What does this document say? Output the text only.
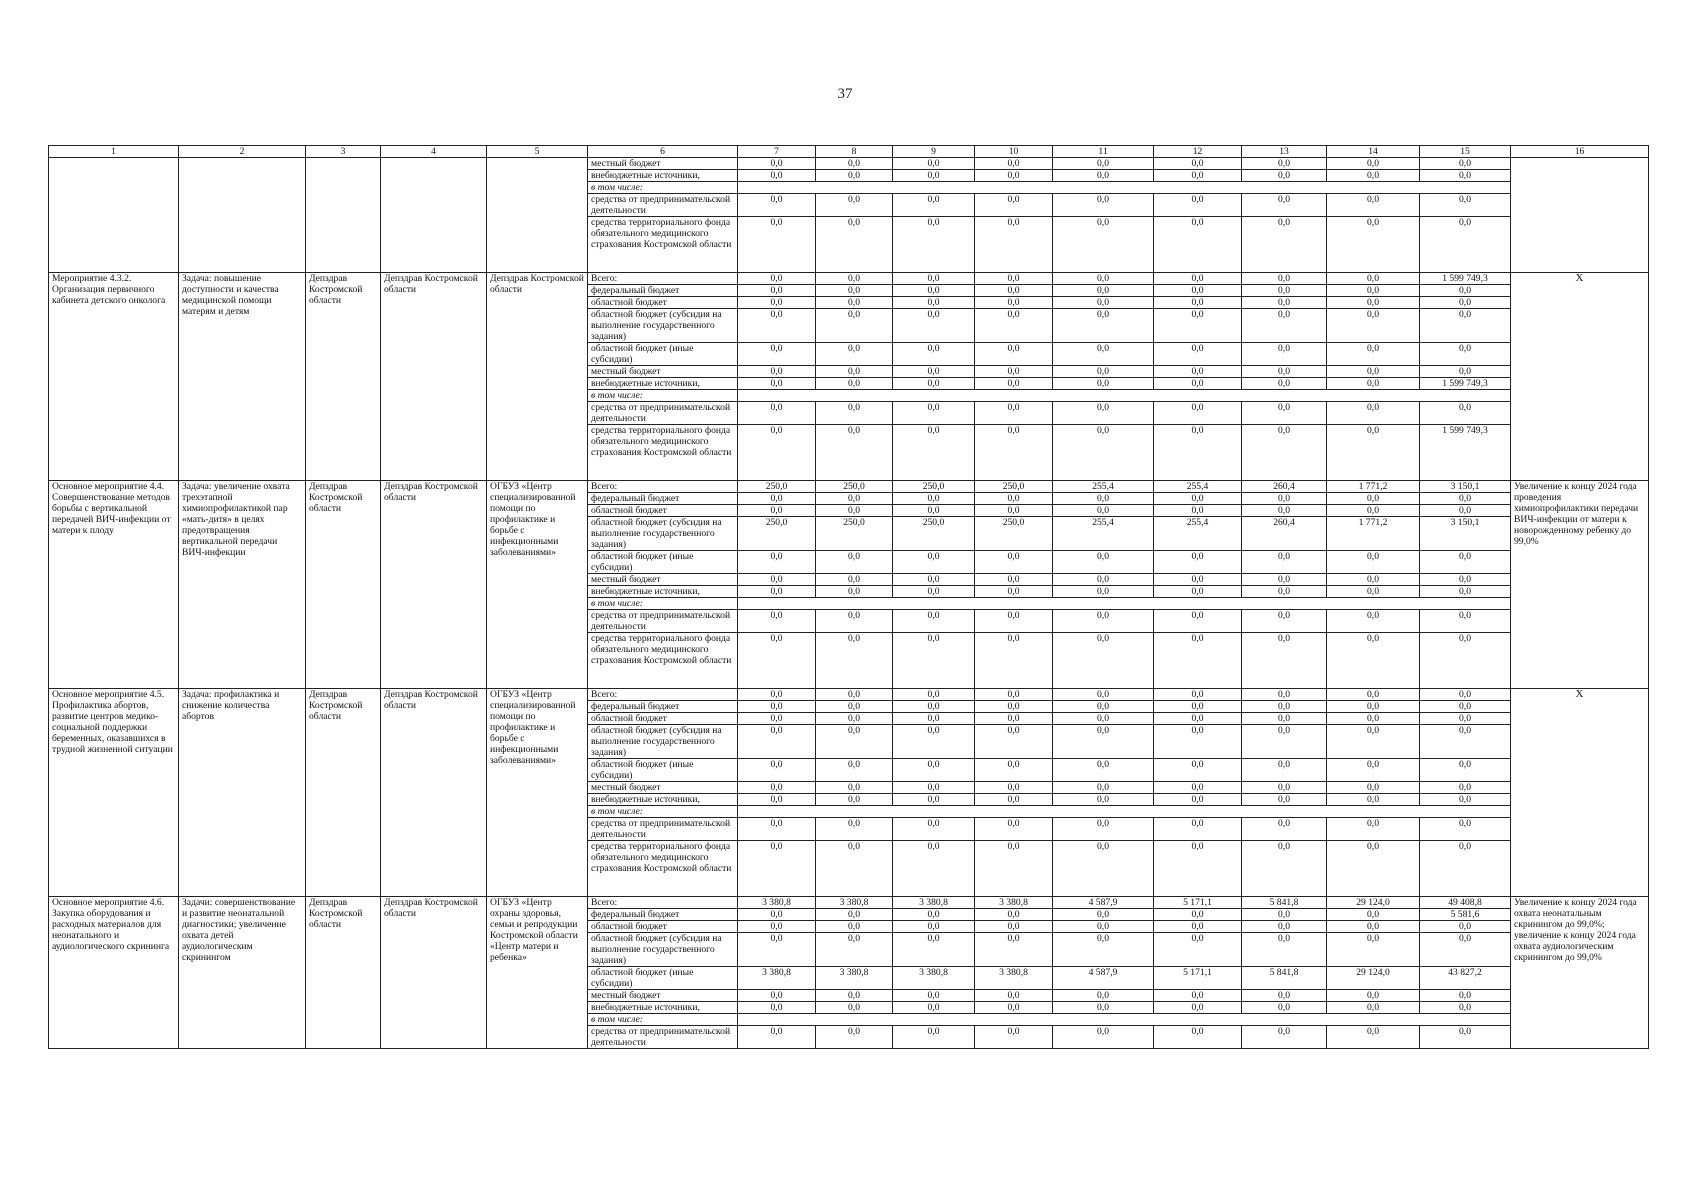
37
1	2	3	4	5	6	7	8	9	10	11	12	13	14	15	16
					местный бюджет	0,0	0,0	0,0	0,0	0,0	0,0	0,0	0,0	0,0	
					внебюджетные источники,	0,0	0,0	0,0	0,0	0,0	0,0	0,0	0,0	0,0	
					в том числе:										
					средства от предпринимательской деятельности	0,0	0,0	0,0	0,0	0,0	0,0	0,0	0,0	0,0	
					средства территориального фонда обязательного медицинского страхования Костромской области	0,0	0,0	0,0	0,0	0,0	0,0	0,0	0,0	0,0	
Мероприятие 4.3.2. Организация первичного кабинета детского онколога	Задача: повышение доступности и качества медицинской помощи матерям и детям	Депздрав Костромской области	Депздрав Костромской области	Депздрав Костромской области	Всего:	0,0	0,0	0,0	0,0	0,0	0,0	0,0	0,0	1 599 749,3	Х
					федеральный бюджет	0,0	0,0	0,0	0,0	0,0	0,0	0,0	0,0	0,0	
					областной бюджет	0,0	0,0	0,0	0,0	0,0	0,0	0,0	0,0	0,0	
					областной бюджет (субсидия на выполнение государственного задания)	0,0	0,0	0,0	0,0	0,0	0,0	0,0	0,0	0,0	
					областной бюджет (иные субсидии)	0,0	0,0	0,0	0,0	0,0	0,0	0,0	0,0	0,0	
					местный бюджет	0,0	0,0	0,0	0,0	0,0	0,0	0,0	0,0	0,0	
					внебюджетные источники,	0,0	0,0	0,0	0,0	0,0	0,0	0,0	0,0	1 599 749,3	
					в том числе:										
					средства от предпринимательской деятельности	0,0	0,0	0,0	0,0	0,0	0,0	0,0	0,0	0,0	
					средства территориального фонда обязательного медицинского страхования Костромской области	0,0	0,0	0,0	0,0	0,0	0,0	0,0	0,0	1 599 749,3	
Основное мероприятие 4.4. Совершенствование методов борьбы с вертикальной передачей ВИЧ-инфекции от матери к плоду	Задача: увеличение охвата трехэтапной химиопрофилактикой пар «мать-дитя» в целях предотвращения вертикальной передачи ВИЧ-инфекции	Депздрав Костромской области	Депздрав Костромской области	ОГБУЗ «Центр специализированной помощи по профилактике и борьбе с инфекционными заболеваниями»	Всего:	250,0	250,0	250,0	250,0	255,4	255,4	260,4	1 771,2	3 150,1	Увеличение к концу 2024 года проведения химиопрофилактики передачи ВИЧ-инфекции от матери к новорожденному ребенку до 99,0%
					федеральный бюджет	0,0	0,0	0,0	0,0	0,0	0,0	0,0	0,0	0,0	
					областной бюджет	0,0	0,0	0,0	0,0	0,0	0,0	0,0	0,0	0,0	
					областной бюджет (субсидия на выполнение государственного задания)	250,0	250,0	250,0	250,0	255,4	255,4	260,4	1 771,2	3 150,1	
					областной бюджет (иные субсидии)	0,0	0,0	0,0	0,0	0,0	0,0	0,0	0,0	0,0	
					местный бюджет	0,0	0,0	0,0	0,0	0,0	0,0	0,0	0,0	0,0	
					внебюджетные источники,	0,0	0,0	0,0	0,0	0,0	0,0	0,0	0,0	0,0	
					в том числе:										
					средства от предпринимательской деятельности	0,0	0,0	0,0	0,0	0,0	0,0	0,0	0,0	0,0	
					средства территориального фонда обязательного медицинского страхования Костромской области	0,0	0,0	0,0	0,0	0,0	0,0	0,0	0,0	0,0	
Основное мероприятие 4.5. Профилактика абортов, развитие центров медико-социальной поддержки беременных, оказавшихся в трудной жизненной ситуации	Задача: профилактика и снижение количества абортов	Депздрав Костромской области	Депздрав Костромской области	ОГБУЗ «Центр специализированной помощи по профилактике и борьбе с инфекционными заболеваниями»	Всего:	0,0	0,0	0,0	0,0	0,0	0,0	0,0	0,0	0,0	Х
					федеральный бюджет	0,0	0,0	0,0	0,0	0,0	0,0	0,0	0,0	0,0	
					областной бюджет	0,0	0,0	0,0	0,0	0,0	0,0	0,0	0,0	0,0	
					областной бюджет (субсидия на выполнение государственного задания)	0,0	0,0	0,0	0,0	0,0	0,0	0,0	0,0	0,0	
					областной бюджет (иные субсидии)	0,0	0,0	0,0	0,0	0,0	0,0	0,0	0,0	0,0	
					местный бюджет	0,0	0,0	0,0	0,0	0,0	0,0	0,0	0,0	0,0	
					внебюджетные источники,	0,0	0,0	0,0	0,0	0,0	0,0	0,0	0,0	0,0	
					в том числе:										
					средства от предпринимательской деятельности	0,0	0,0	0,0	0,0	0,0	0,0	0,0	0,0	0,0	
					средства территориального фонда обязательного медицинского страхования Костромской области	0,0	0,0	0,0	0,0	0,0	0,0	0,0	0,0	0,0	
Основное мероприятие 4.6. Закупка оборудования и расходных материалов для неонатального и аудиологического скрининга	Задачи: совершенствование и развитие неонатальной диагностики; увеличение охвата детей аудиологическим скринингом	Депздрав Костромской области	Депздрав Костромской области	ОГБУЗ «Центр охраны здоровья, семьи и репродукции Костромской области «Центр матери и ребенка»	Всего:	3 380,8	3 380,8	3 380,8	3 380,8	4 587,9	5 171,1	5 841,8	29 124,0	49 408,8	Увеличение к концу 2024 года охвата неонатальным скринингом до 99,0%; увеличение к концу 2024 года охвата аудиологическим скринингом до 99,0%
					федеральный бюджет	0,0	0,0	0,0	0,0	0,0	0,0	0,0	0,0	5 581,6	
					областной бюджет	0,0	0,0	0,0	0,0	0,0	0,0	0,0	0,0	0,0	
					областной бюджет (субсидия на выполнение государственного задания)	0,0	0,0	0,0	0,0	0,0	0,0	0,0	0,0	0,0	
					областной бюджет (иные субсидии)	3 380,8	3 380,8	3 380,8	3 380,8	4 587,9	5 171,1	5 841,8	29 124,0	43 827,2	
					местный бюджет	0,0	0,0	0,0	0,0	0,0	0,0	0,0	0,0	0,0	
					внебюджетные источники,	0,0	0,0	0,0	0,0	0,0	0,0	0,0	0,0	0,0	
					в том числе:										
					средства от предпринимательской деятельности	0,0	0,0	0,0	0,0	0,0	0,0	0,0	0,0	0,0	
